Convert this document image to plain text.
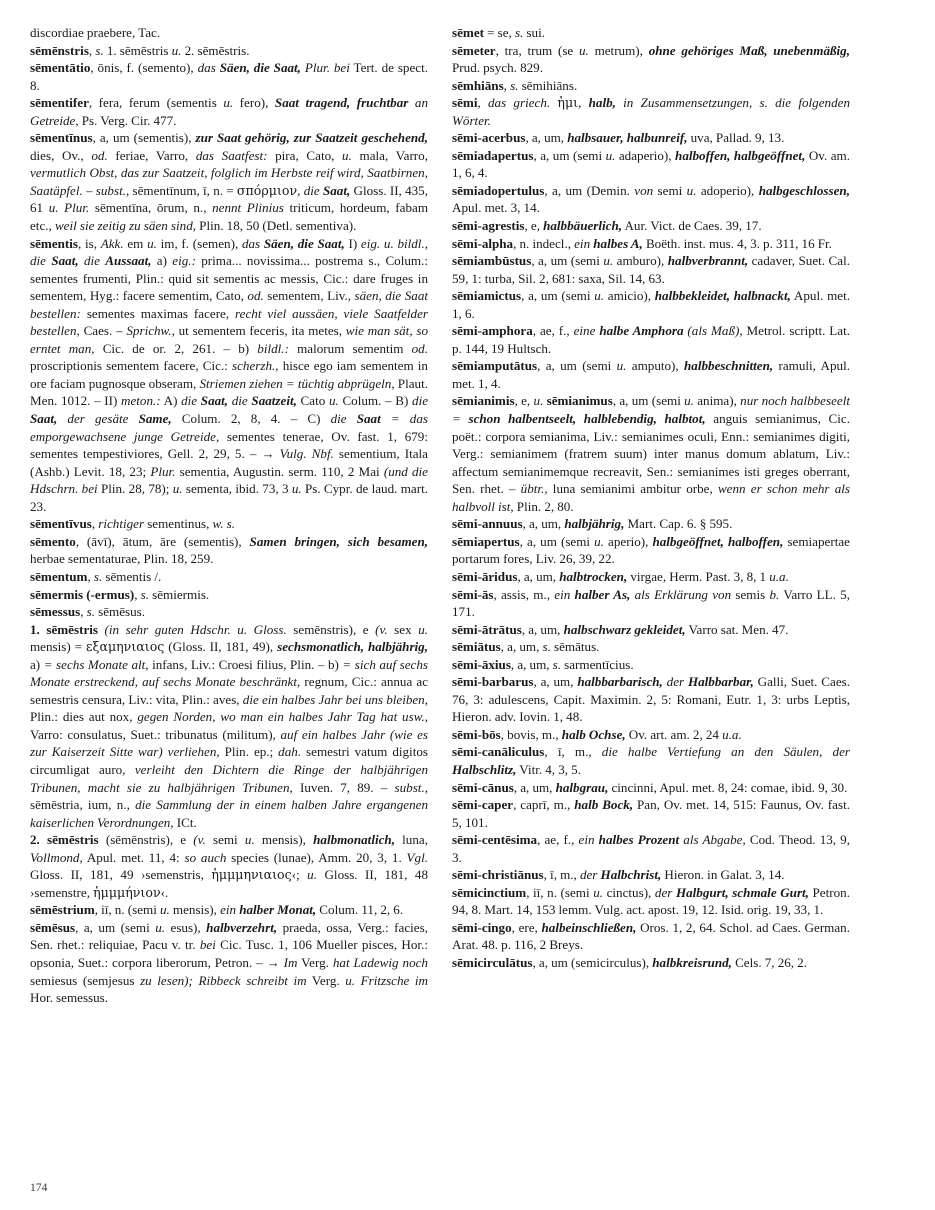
discordiae praebere, Tac.

sēmēnstris, s. 1. sēmēstris u. 2. sēmēstris.

sēmentātio, ōnis, f. (semento), das Säen, die Saat, Plur. bei Tert. de spect. 8.

sēmentifer, fera, ferum (sementis u. fero), Saat tragend, fruchtbar an Getreide, Ps. Verg. Cir. 477.

sēmentīnus, a, um (sementis), zur Saat gehörig, zur Saatzeit geschehend, dies, Ov., od. feriae, Varro, das Saatfest: pira, Cato, u. mala, Varro, vermutlich Obst, das zur Saatzeit, folglich im Herbste reif wird, Saatbirnen, Saatäpfel. – subst., sēmentīnum, ī, n. = σπόρμιον, die Saat, Gloss. II, 435, 61 u. Plur. sēmentīna, ōrum, n., nennt Plinius triticum, hordeum, fabam etc., weil sie zeitig zu säen sind, Plin. 18, 50 (Detl. sementiva).

sēmentis, is, Akk. em u. im, f. (semen), das Säen, die Saat, I) eig. u. bildl., die Saat, die Aussaat, a) eig.: prima... novissima... postrema s., Colum.: sementes frumenti, Plin.: quid sit sementis ac messis, Cic.: dare fruges in sementem, Hyg.: facere sementim, Cato, od. sementem, Liv., säen, die Saat bestellen: sementes maximas facere, recht viel aussäen, viele Saatfelder bestellen, Caes. – Sprichw., ut sementem feceris, ita metes, wie man sät, so erntet man, Cic. de or. 2, 261. – b) bildl.: malorum sementim od. proscriptionis sementem facere, Cic.: scherzh., hisce ego iam sementem in ore faciam pugnosque obseram, Striemen ziehen = tüchtig abprügeln, Plaut. Men. 1012. – II) meton.: A) die Saat, die Saatzeit, Cato u. Colum. – B) die Saat, der gesäte Same, Colum. 2, 8, 4. – C) die Saat = das emporgewachsene junge Getreide, sementes tenerae, Ov. fast. 1, 679: sementes tempestiviores, Gell. 2, 29, 5. – → Vulg. Nbf. sementium, Itala (Ashb.) Levit. 18, 23; Plur. sementia, Augustin. serm. 110, 2 Mai (und die Hdschrn. bei Plin. 28, 78); u. sementa, ibid. 73, 3 u. Ps. Cypr. de laud. mart. 23.

sēmentīvus, richtiger sementinus, w. s.

sēmento, (āvī), ātum, āre (sementis), Samen bringen, sich besamen, herbae sementaturae, Plin. 18, 259.

sēmentum, s. sēmentis /.

sēmermis (-ermus), s. sēmiermis.

sēmessus, s. sēmēsus.

1. sēmēstris (in sehr guten Hdschr. u. Gloss. semēnstris), e (v. sex u. mensis) = εξαμηνιαιος (Gloss. II, 181, 49), sechsmonatlich, halbjährig, a) = sechs Monate alt, infans, Liv.: Croesi filius, Plin. – b) = sich auf sechs Monate erstreckend, auf sechs Monate beschränkt, regnum, Cic.: annua ac semestris censura, Liv.: vita, Plin.: aves, die ein halbes Jahr bei uns bleiben, Plin.: dies aut nox, gegen Norden, wo man ein halbes Jahr Tag hat usw., Varro: consulatus, Suet.: tribunatus (militum), auf ein halbes Jahr (wie es zur Kaiserzeit Sitte war) verliehen, Plin. ep.; dah. semestri vatum digitos circumligat auro, verleiht den Dichtern die Ringe der halbjährigen Tribunen, macht sie zu halbjährigen Tribunen, Iuven. 7, 89. – subst., sēmēstria, ium, n., die Sammlung der in einem halben Jahre ergangenen kaiserlichen Verordnungen, ICt.

2. sēmēstris (sēmēnstris), e (v. semi u. mensis), halbmonatlich, luna, Vollmond, Apul. met. 11, 4: so auch species (lunae), Amm. 20, 3, 1. Vgl. Gloss. II, 181, 49 ›semenstris, ἡμμμηνιαιος‹; u. Gloss. II, 181, 48 ›semenstre, ἡμμμήνιον‹.

sēmēstrium, iī, n. (semi u. mensis), ein halber Monat, Colum. 11, 2, 6.

sēmēsus, a, um (semi u. esus), halbverzehrt, praeda, ossa, Verg.: facies, Sen. rhet.: reliquiae, Pacu v. tr. bei Cic. Tusc. 1, 106 Mueller pisces, Hor.: opsonia, Suet.: corpora liberorum, Petron. – → Im Verg. hat Ladewig noch semiesus (semjesus zu lesen); Ribbeck schreibt im Verg. u. Fritzsche im Hor. semessus.

sēmet = se, s. sui.

sēmeter, tra, trum (se u. metrum), ohne gehöriges Maß, unebenmäßig, Prud. psych. 829.

sēmhiāns, s. sēmihiāns.

sēmi, das griech. ἡμι, halb, in Zusammensetzungen, s. die folgenden Wörter.

sēmi-acerbus, a, um, halbsauer, halbunreif, uva, Pallad. 9, 13.

sēmiadapertus, a, um (semi u. adaperio), halboffen, halbgeöffnet, Ov. am. 1, 6, 4.

sēmiadopertulus, a, um (Demin. von semi u. adoperio), halbgeschlossen, Apul. met. 3, 14.

sēmi-agrestis, e, halbbäuerlich, Aur. Vict. de Caes. 39, 17.

sēmi-alpha, n. indecl., ein halbes A, Boëth. inst. mus. 4, 3. p. 311, 16 Fr.

sēmiambūstus, a, um (semi u. amburo), halbverbrannt, cadaver, Suet. Cal. 59, 1: turba, Sil. 2, 681: saxa, Sil. 14, 63.

sēmiamictus, a, um (semi u. amicio), halbbekleidet, halbnackt, Apul. met. 1, 6.

sēmi-amphora, ae, f., eine halbe Amphora (als Maß), Metrol. scriptt. Lat. p. 144, 19 Hultsch.

sēmiamputātus, a, um (semi u. amputo), halbbeschnitten, ramuli, Apul. met. 1, 4.

sēmianimis, e, u. sēmianimus, a, um (semi u. anima), nur noch halbbeseelt = schon halbentseelt, halblebendig, halbtot, anguis semianimus, Cic. poët.: corpora semianima, Liv.: semianimes oculi, Enn.: semianimes digiti, Verg.: semianimem (fratrem suum) inter manus domum ablatum, Liv.: affectum semianimemque recreavit, Sen.: semianimes isti greges oberrant, Sen. rhet. – übtr., luna semianimi ambitur orbe, wenn er schon mehr als halbvoll ist, Plin. 2, 80.

sēmi-annuus, a, um, halbjährig, Mart. Cap. 6. § 595.

sēmiapertus, a, um (semi u. aperio), halbgeöffnet, halboffen, semiapertae portarum fores, Liv. 26, 39, 22.

sēmi-āridus, a, um, halbtrocken, virgae, Herm. Past. 3, 8, 1 u.a.

sēmi-ās, assis, m., ein halber As, als Erklärung von semis b. Varro LL. 5, 171.

sēmi-ātrātus, a, um, halbschwarz gekleidet, Varro sat. Men. 47.

sēmiātus, a, um, s. sēmātus.

sēmi-āxius, a, um, s. sarmentīcius.

sēmi-barbarus, a, um, halbbarbarisch, der Halbbarbar, Galli, Suet. Caes. 76, 3: adulescens, Capit. Maximin. 2, 5: Romani, Eutr. 1, 3: urbs Leptis, Hieron. adv. Iovin. 1, 48.

sēmi-bōs, bovis, m., halb Ochse, Ov. art. am. 2, 24 u.a.

sēmi-canāliculus, ī, m., die halbe Vertiefung an den Säulen, der Halbschlitz, Vitr. 4, 3, 5.

sēmi-cānus, a, um, halbgrau, cincinni, Apul. met. 8, 24: comae, ibid. 9, 30.

sēmi-caper, caprī, m., halb Bock, Pan, Ov. met. 14, 515: Faunus, Ov. fast. 5, 101.

sēmi-centēsima, ae, f., ein halbes Prozent als Abgabe, Cod. Theod. 13, 9, 3.

sēmi-christiānus, ī, m., der Halbchrist, Hieron. in Galat. 3, 14.

sēmicinctium, iī, n. (semi u. cinctus), der Halbgurt, schmale Gurt, Petron. 94, 8. Mart. 14, 153 lemm. Vulg. act. apost. 19, 12. Isid. orig. 19, 33, 1.

sēmi-cingo, ere, halbeinschließen, Oros. 1, 2, 64. Schol. ad Caes. German. Arat. 48. p. 116, 2 Breys.

sēmicirculātus, a, um (semicirculus), halbkreisrund, Cels. 7, 26, 2.

174
